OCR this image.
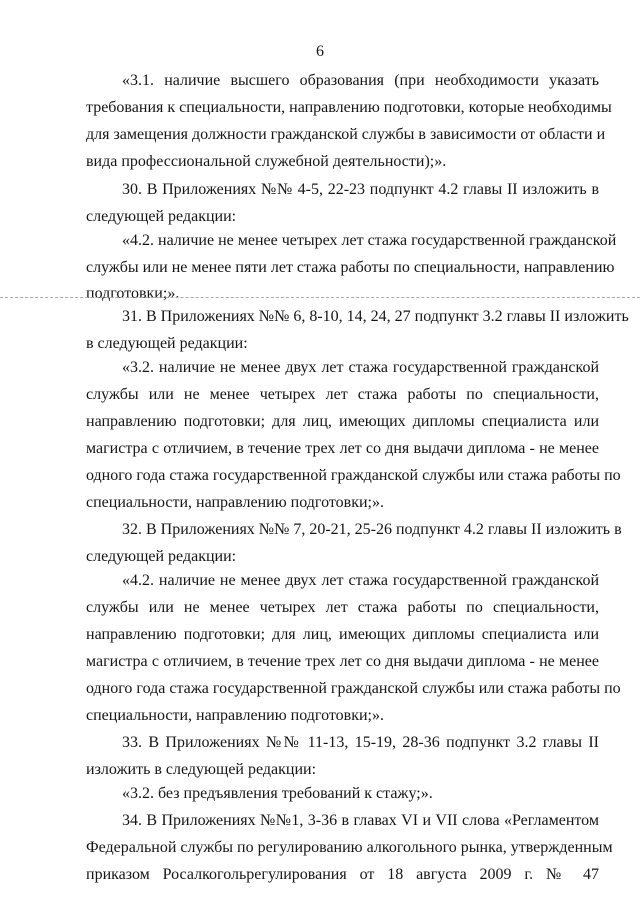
6
«3.1. наличие высшего образования (при необходимости указать
требования к специальности, направлению подготовки, которые необходимы
для замещения должности гражданской службы в зависимости от области и
вида профессиональной служебной деятельности);».
30. В Приложениях №№ 4-5, 22-23 подпункт 4.2 главы II изложить в
следующей редакции:
«4.2. наличие не менее четырех лет стажа государственной гражданской
службы или не менее пяти лет стажа работы по специальности, направлению
подготовки;».
31. В Приложениях №№ 6, 8-10, 14, 24, 27 подпункт 3.2 главы II изложить
в следующей редакции:
«3.2. наличие не менее двух лет стажа государственной гражданской
службы или не менее четырех лет стажа работы по специальности,
направлению подготовки; для лиц, имеющих дипломы специалиста или
магистра с отличием, в течение трех лет со дня выдачи диплома - не менее
одного года стажа государственной гражданской службы или стажа работы по
специальности, направлению подготовки;».
32. В Приложениях №№ 7, 20-21, 25-26 подпункт 4.2 главы II изложить в
следующей редакции:
«4.2. наличие не менее двух лет стажа государственной гражданской
службы или не менее четырех лет стажа работы по специальности,
направлению подготовки; для лиц, имеющих дипломы специалиста или
магистра с отличием, в течение трех лет со дня выдачи диплома - не менее
одного года стажа государственной гражданской службы или стажа работы по
специальности, направлению подготовки;».
33. В Приложениях №№ 11-13, 15-19, 28-36 подпункт 3.2 главы II
изложить в следующей редакции:
«3.2. без предъявления требований к стажу;».
34. В Приложениях №№1, 3-36 в главах VI и VII слова «Регламентом
Федеральной службы по регулированию алкогольного рынка, утвержденным
приказом Росалкогольрегулирования от 18 августа 2009 г. № 47
